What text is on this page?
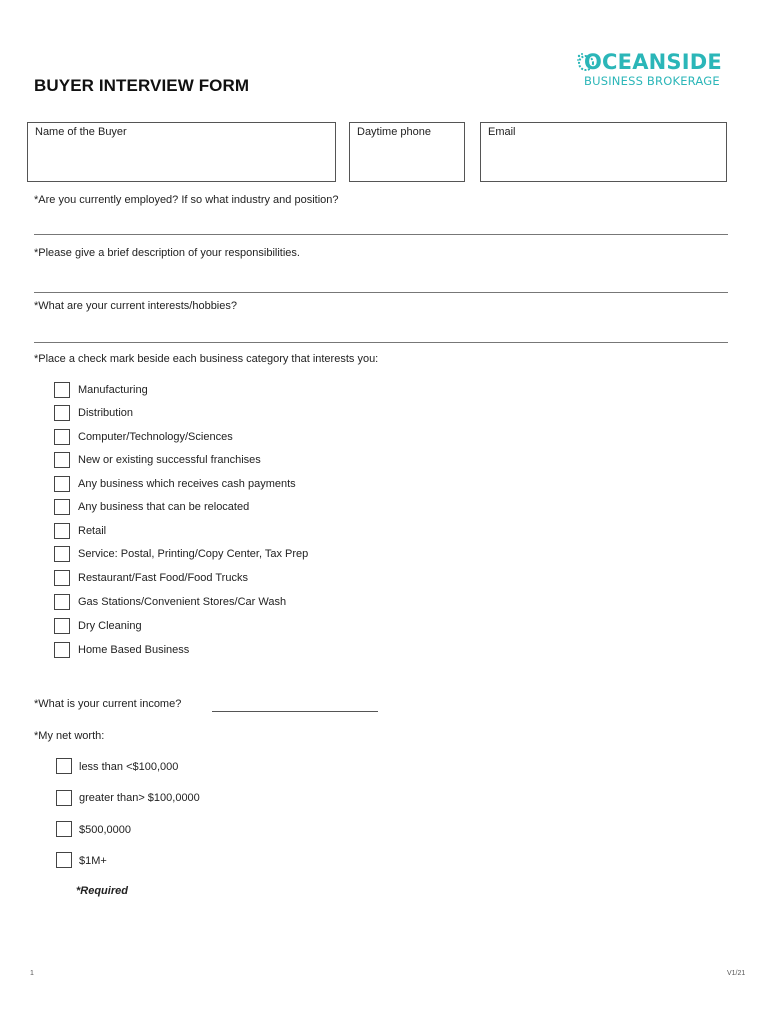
BUYER INTERVIEW FORM
OCEANSIDE
BUSINESS BROKERAGE
Name of the Buyer	Daytime phone	Email
*Are you currently employed? If so what industry and position?
*Please give a brief description of your responsibilities.
*What are your current interests/hobbies?
*Place a check mark beside each business category that interests you:
Manufacturing
Distribution
Computer/Technology/Sciences
New or existing successful franchises
Any business which receives cash payments
Any business that can be relocated
Retail
Service: Postal, Printing/Copy Center, Tax Prep
Restaurant/Fast Food/Food Trucks
Gas Stations/Convenient Stores/Car Wash
Dry Cleaning
Home Based Business
*What is your current income?
*My net worth:
less than <$100,000
greater than> $100,0000
$500,0000
$1M+
*Required
1	V1/21
